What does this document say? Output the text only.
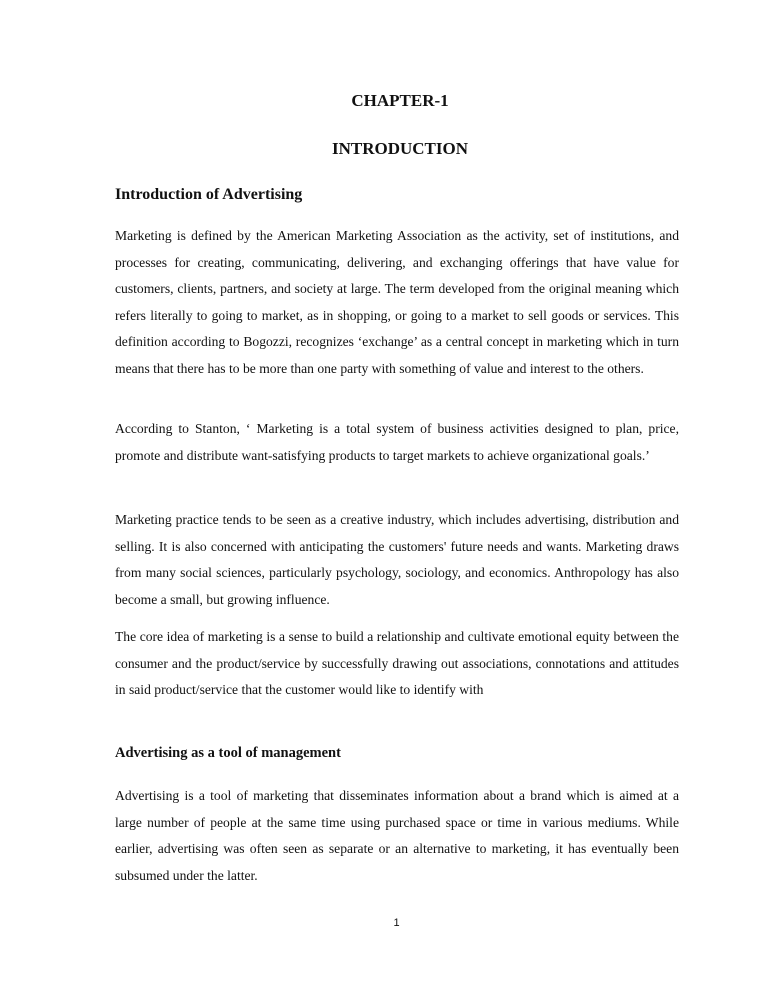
CHAPTER-1
INTRODUCTION
Introduction of Advertising

Marketing is defined by the American Marketing Association as the activity, set of institutions, and processes for creating, communicating, delivering, and exchanging offerings that have value for customers, clients, partners, and society at large. The term developed from the original meaning which refers literally to going to market, as in shopping, or going to a market to sell goods or services. This definition according to Bogozzi, recognizes ‘exchange’ as a central concept in marketing which in turn means that there has to be more than one party with something of value and interest to the others.

According to Stanton, ‘ Marketing is a total system of business activities designed to plan, price, promote and distribute want-satisfying products to target markets to achieve organizational goals.’

Marketing practice tends to be seen as a creative industry, which includes advertising, distribution and selling. It is also concerned with anticipating the customers' future needs and wants. Marketing draws from many social sciences, particularly psychology, sociology, and economics. Anthropology has also become a small, but growing influence.

The core idea of marketing is a sense to build a relationship and cultivate emotional equity between the consumer and the product/service by successfully drawing out associations, connotations and attitudes in said product/service that the customer would like to identify with

Advertising as a tool of management

Advertising is a tool of marketing that disseminates information about a brand which is aimed at a large number of people at the same time using purchased space or time in various mediums. While earlier, advertising was often seen as separate or an alternative to marketing, it has eventually been subsumed under the latter.

1
